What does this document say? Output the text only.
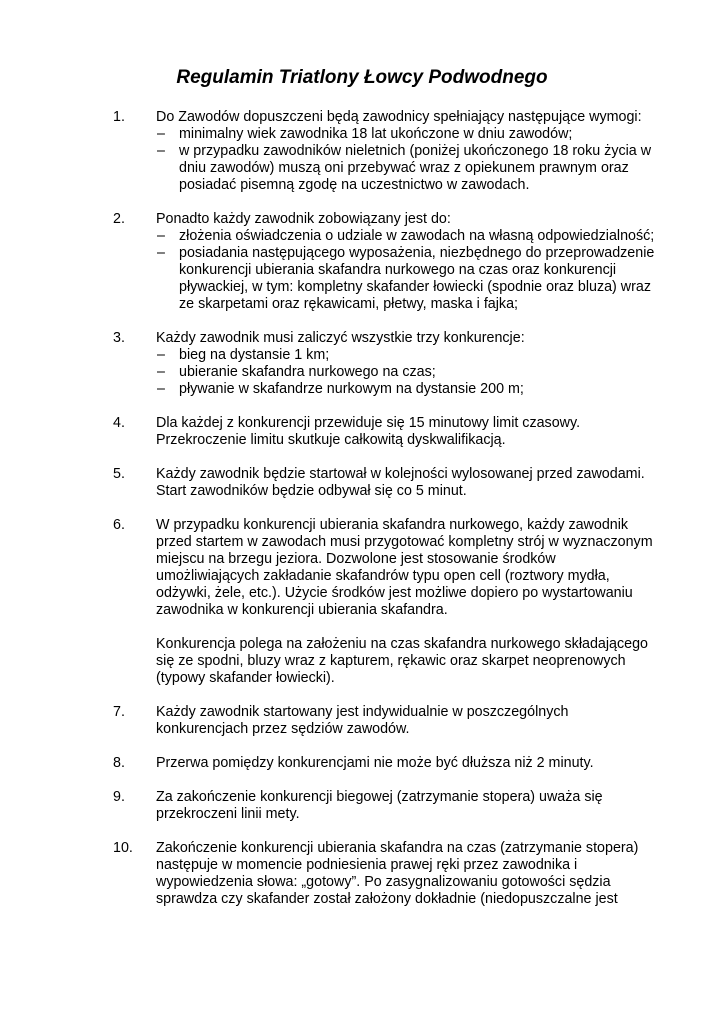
Regulamin Triatlony Łowcy Podwodnego
1. Do Zawodów dopuszczeni będą zawodnicy spełniający następujące wymogi:

– minimalny wiek zawodnika 18 lat ukończone w dniu zawodów;
– w przypadku zawodników nieletnich (poniżej ukończonego 18 roku życia w dniu zawodów) muszą oni przebywać wraz z opiekunem prawnym oraz posiadać pisemną zgodę na uczestnictwo w zawodach.
2. Ponadto każdy zawodnik zobowiązany jest do:

– złożenia oświadczenia o udziale w zawodach na własną odpowiedzialność;
– posiadania następującego wyposażenia, niezbędnego do przeprowadzenie konkurencji ubierania skafandra nurkowego na czas oraz konkurencji pływackiej, w tym: kompletny skafander łowiecki (spodnie oraz bluza) wraz ze skarpetami oraz rękawicami, płetwy, maska i fajka;
3. Każdy zawodnik musi zaliczyć wszystkie trzy konkurencje:

– bieg na dystansie 1 km;
– ubieranie skafandra nurkowego na czas;
– pływanie w skafandrze nurkowym na dystansie 200 m;
4. Dla każdej z konkurencji przewiduje się 15 minutowy limit czasowy. Przekroczenie limitu skutkuje całkowitą dyskwalifikacją.

5. Każdy zawodnik będzie startował w kolejności wylosowanej przed zawodami. Start zawodników będzie odbywał się co 5 minut.

6. W przypadku konkurencji ubierania skafandra nurkowego, każdy zawodnik przed startem w zawodach musi przygotować kompletny strój w wyznaczonym miejscu na brzegu jeziora. Dozwolone jest stosowanie środków umożliwiających zakładanie skafandrów typu open cell (roztwory mydła, odżywki, żele, etc.). Użycie środków jest możliwe dopiero po wystartowaniu zawodnika w konkurencji ubierania skafandra.

Konkurencja polega na założeniu na czas skafandra nurkowego składającego się ze spodni, bluzy wraz z kapturem, rękawic oraz skarpet neoprenowych (typowy skafander łowiecki).

7. Każdy zawodnik startowany jest indywidualnie w poszczególnych konkurencjach przez sędziów zawodów.

8. Przerwa pomiędzy konkurencjami nie może być dłuższa niż 2 minuty.

9. Za zakończenie konkurencji biegowej (zatrzymanie stopera) uważa się przekroczeni linii mety.

10. Zakończenie konkurencji ubierania skafandra na czas (zatrzymanie stopera) następuje w momencie podniesienia prawej ręki przez zawodnika i wypowiedzenia słowa: „gotowy”. Po zasygnalizowaniu gotowości sędzia sprawdza czy skafander został założony dokładnie (niedopuszczalne jest
